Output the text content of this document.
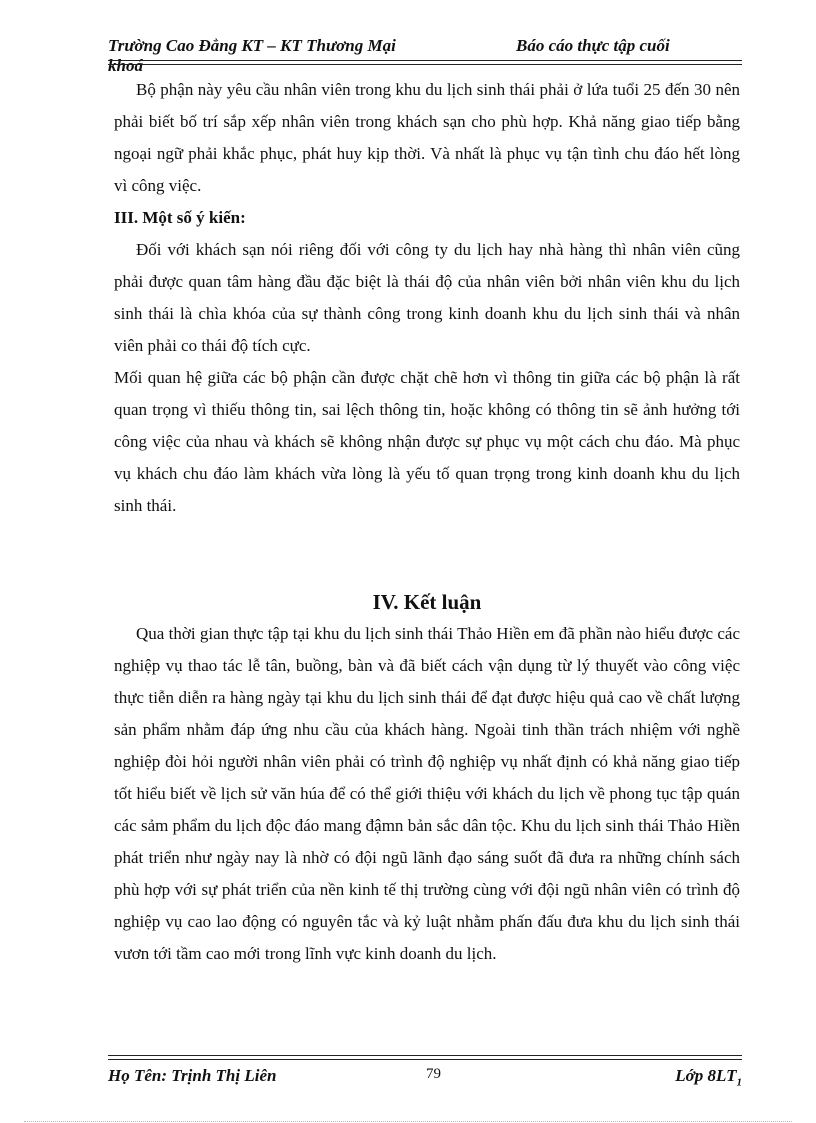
Trường Cao Đẳng KT – KT Thương Mại	Báo cáo thực tập cuối
khoá

Bộ phận này yêu cầu nhân viên trong khu du lịch sinh thái phải ở lứa tuổi 25 đến 30 nên phải biết bố trí sắp xếp nhân viên trong khách sạn cho phù hợp. Khả năng giao tiếp bằng ngoại ngữ phải khắc phục, phát huy kịp thời. Và nhất là phục vụ tận tình chu đáo hết lòng vì công việc.

III. Một số ý kiến:

Đối với khách sạn nói riêng đối với công ty du lịch hay nhà hàng thì nhân viên cũng phải được quan tâm hàng đầu đặc biệt là thái độ của nhân viên bởi nhân viên khu du lịch sinh thái là chìa khóa của sự thành công trong kinh doanh khu du lịch sinh thái và nhân viên phải co thái độ tích cực.

Mối quan hệ giữa các bộ phận cần được chặt chẽ hơn vì thông tin giữa các bộ phận là rất quan trọng vì thiếu thông tin, sai lệch thông tin, hoặc không có thông tin sẽ ảnh hưởng tới công việc của nhau và khách sẽ không nhận được sự phục vụ một cách chu đáo. Mà phục vụ khách chu đáo làm khách vừa lòng là yếu tố quan trọng trong kinh doanh khu du lịch sinh thái.

IV. Kết luận

Qua thời gian thực tập tại khu du lịch sinh thái Thảo Hiền em đã phần nào hiểu được các nghiệp vụ thao tác lễ tân, buồng, bàn và đã biết cách vận dụng từ lý thuyết vào công việc thực tiễn diễn ra hàng ngày tại khu du lịch sinh thái để đạt được hiệu quả cao về chất lượng sản phẩm nhằm đáp ứng nhu cầu của khách hàng. Ngoài tinh thần trách nhiệm với nghề nghiệp đòi hỏi người nhân viên phải có trình độ nghiệp vụ nhất định có khả năng giao tiếp tốt hiểu biết về lịch sử văn húa để có thể giới thiệu với khách du lịch về phong tục tập quán các sảm phẩm du lịch độc đáo mang đậmn bản sắc dân tộc. Khu du lịch sinh thái Thảo Hiền phát triển như ngày nay là nhờ có đội ngũ lãnh đạo sáng suốt đã đưa ra những chính sách phù hợp với sự phát triển của nền kinh tế thị trường cùng với đội ngũ nhân viên có trình độ nghiệp vụ cao lao động có nguyên tắc và kỷ luật nhằm phấn đấu đưa khu du lịch sinh thái vươn tới tầm cao mới trong lĩnh vực kinh doanh du lịch.

Họ Tên: Trịnh Thị Liên	79	Lớp $8LT_1$
